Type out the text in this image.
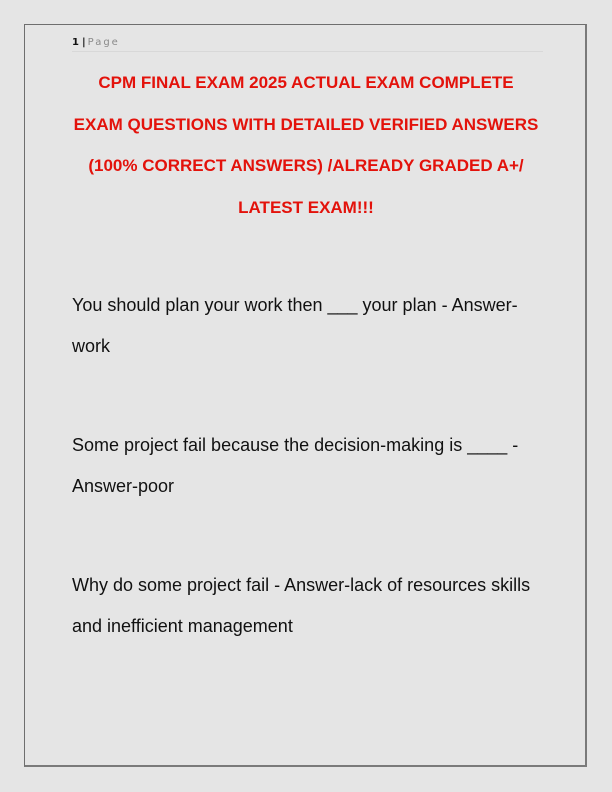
1 | Page
CPM FINAL EXAM 2025 ACTUAL EXAM COMPLETE EXAM QUESTIONS WITH DETAILED VERIFIED ANSWERS (100% CORRECT ANSWERS) /ALREADY GRADED A+/ LATEST EXAM!!!
You should plan your work then ___ your plan - Answer-work
Some project fail because the decision-making is ____ - Answer-poor
Why do some project fail - Answer-lack of resources skills and inefficient management
